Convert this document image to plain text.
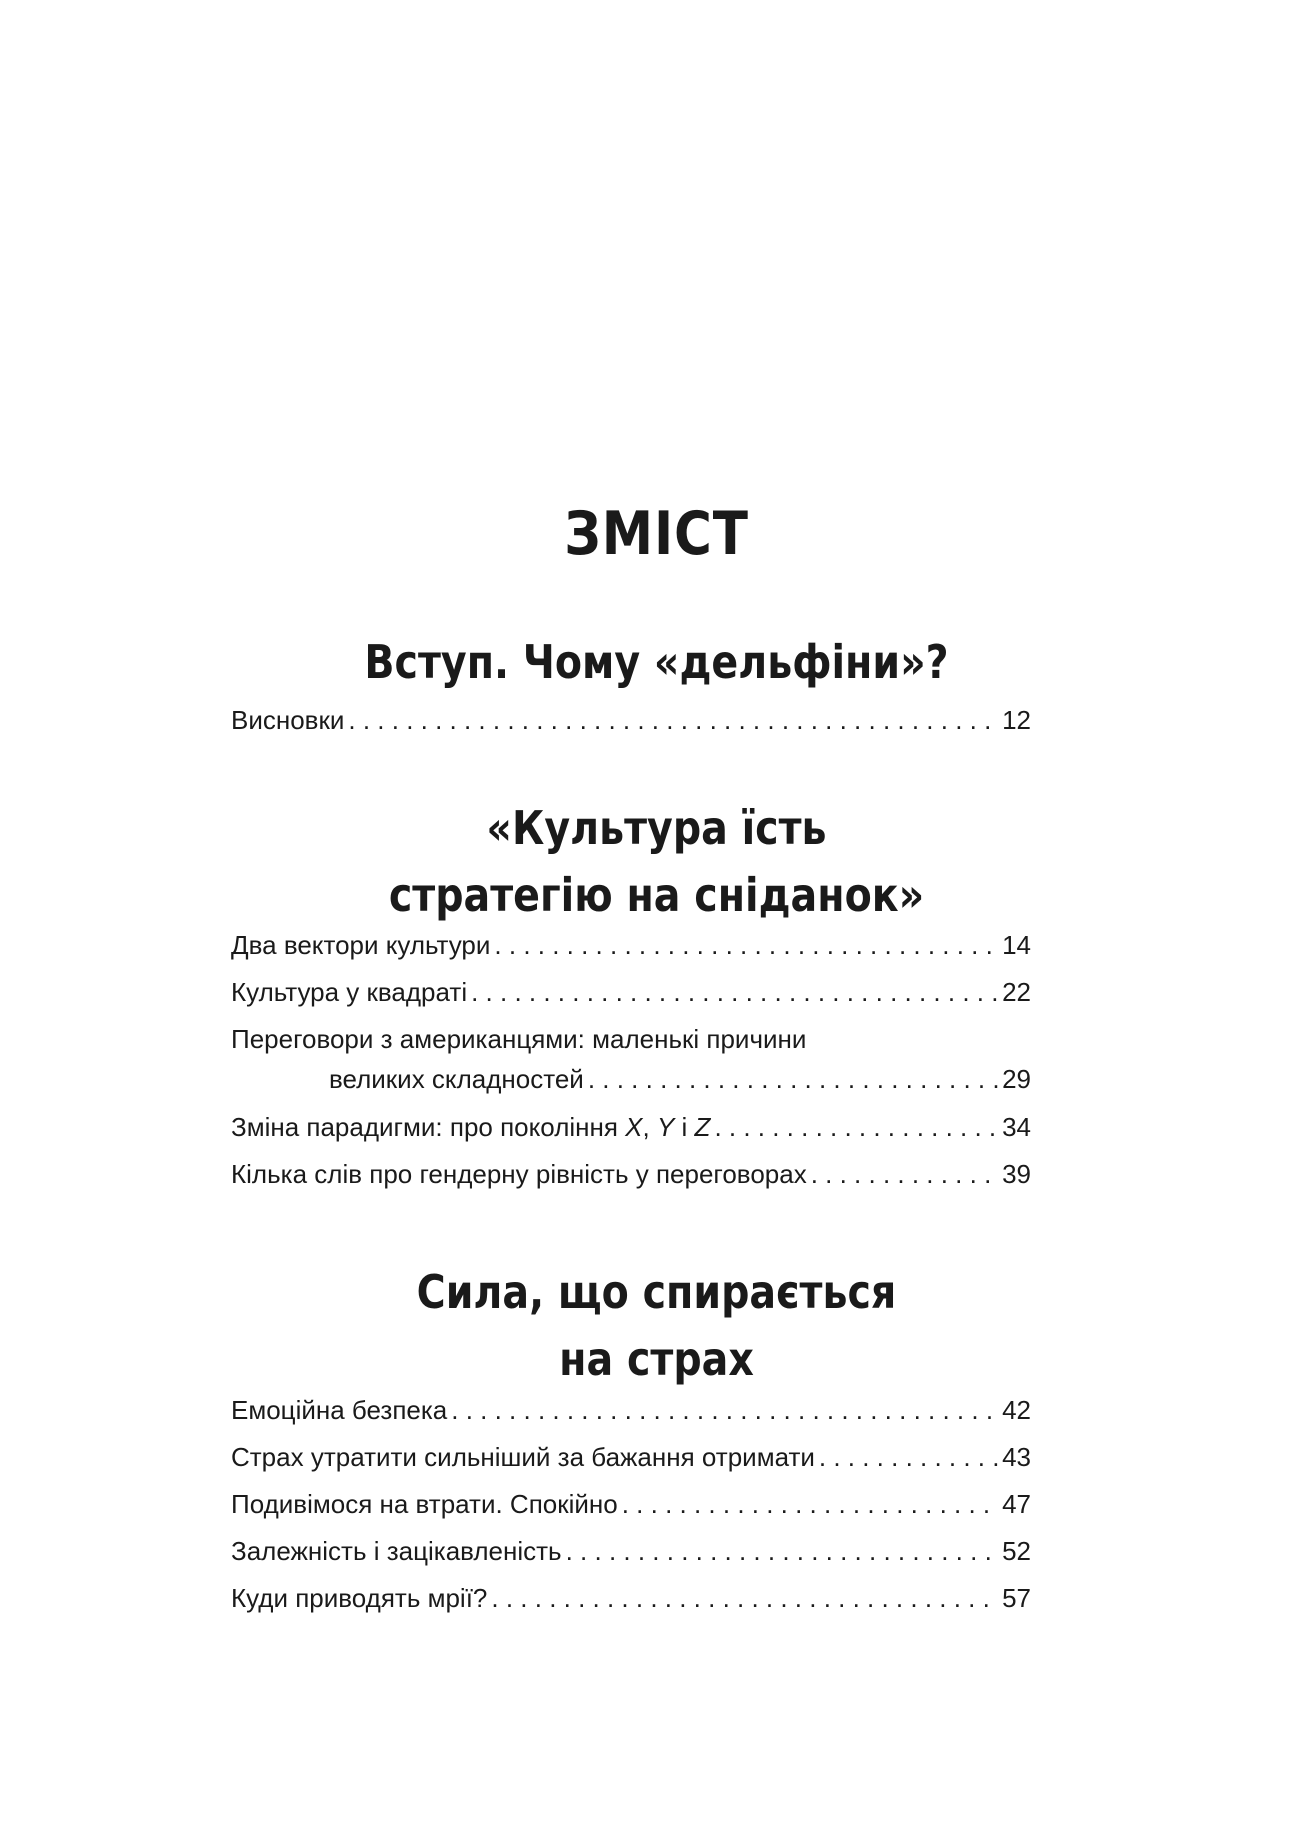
ЗМІСТ
Вступ. Чому «дельфіни»?
Висновки . . .	12
«Культура їсть
стратегію на сніданок»
Два вектори культури . . .	14
Культура у квадраті . . .	22
Переговори з американцями: маленькі причини
великих складностей . . .	29
Зміна парадигми: про покоління X, Y і Z . . .	34
Кілька слів про гендерну рівність у переговорах . . .	39
Сила, що спирається
на страх
Емоційна безпека . . .	42
Страх утратити сильніший за бажання отримати . . .	43
Подивімося на втрати. Спокійно . . .	47
Залежність і зацікавленість . . .	52
Куди приводять мрії? . . .	57
